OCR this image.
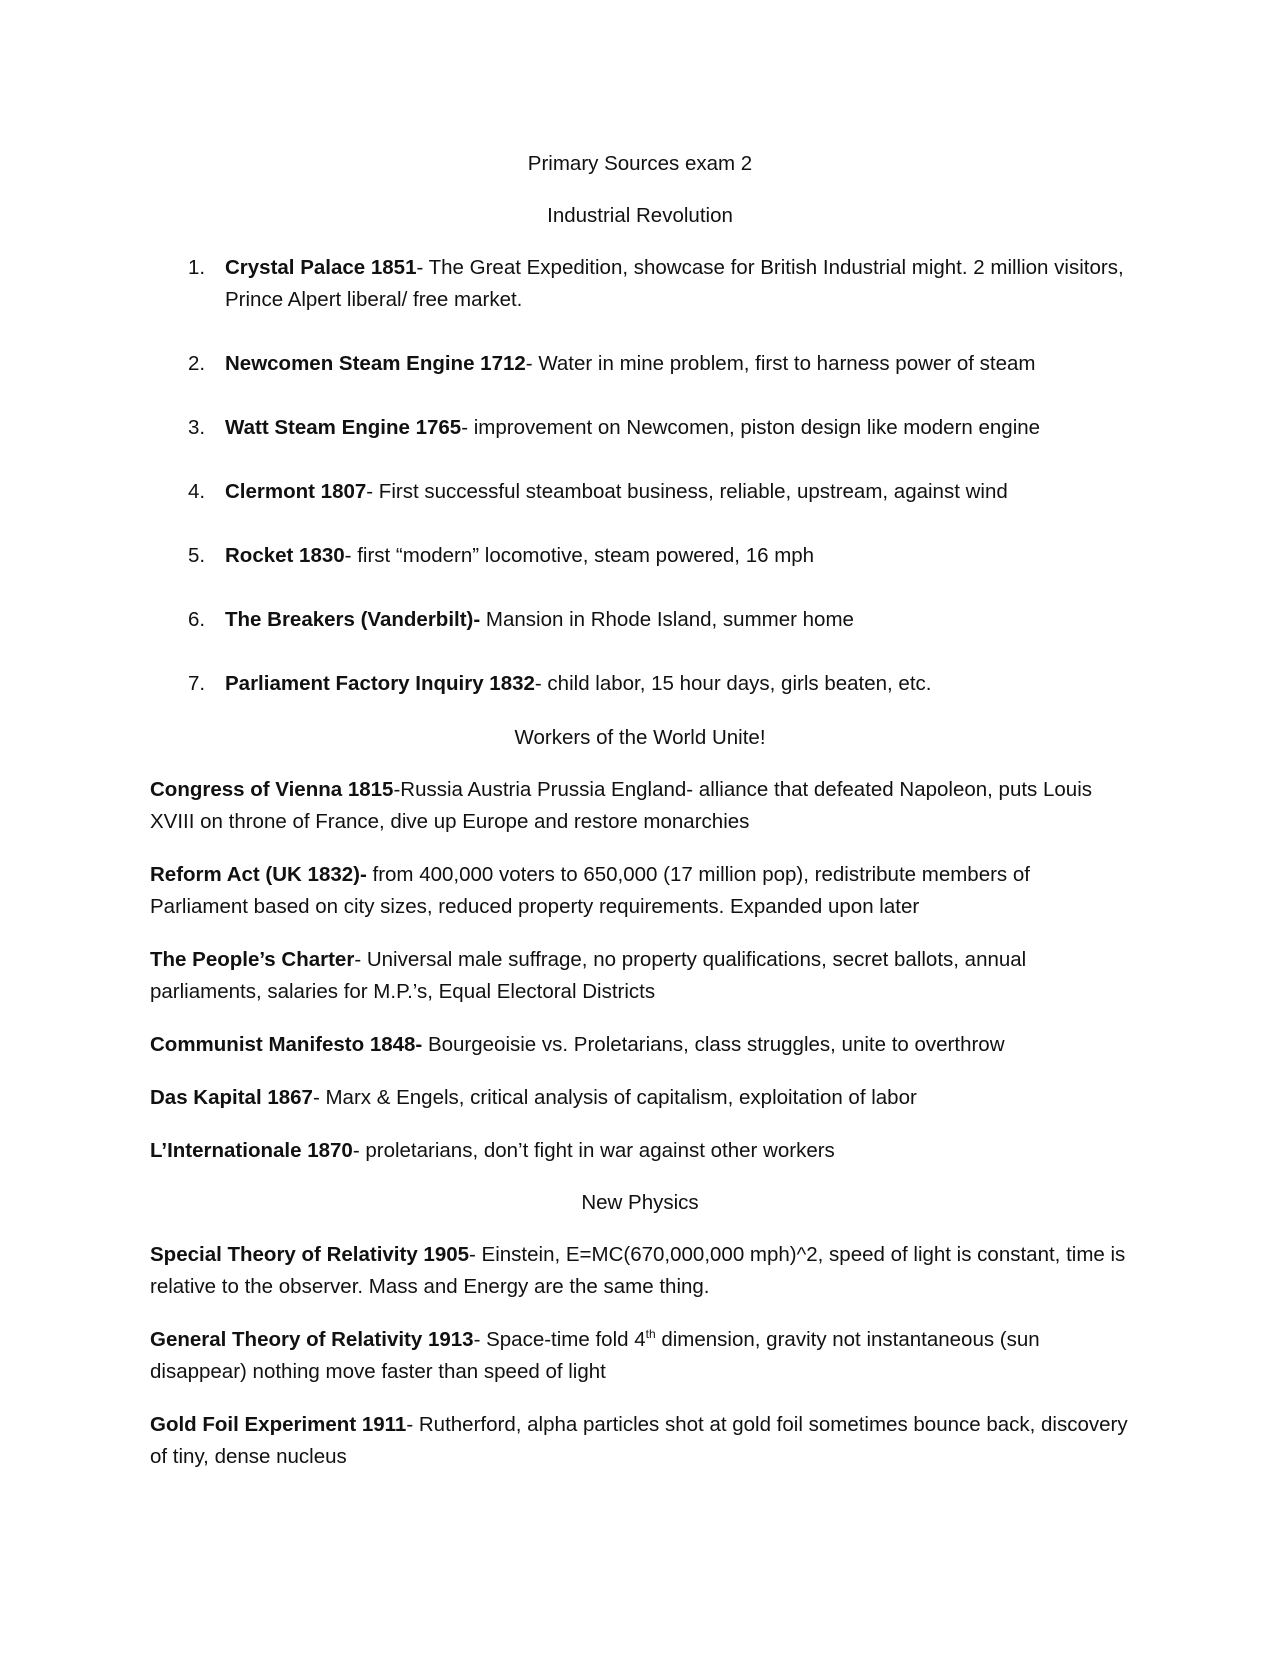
Primary Sources exam 2

Industrial Revolution

1. Crystal Palace 1851- The Great Expedition, showcase for British Industrial might. 2 million visitors, Prince Alpert liberal/ free market.
2. Newcomen Steam Engine 1712- Water in mine problem, first to harness power of steam
3. Watt Steam Engine 1765- improvement on Newcomen, piston design like modern engine
4. Clermont 1807- First successful steamboat business, reliable, upstream, against wind
5. Rocket 1830- first “modern” locomotive, steam powered, 16 mph
6. The Breakers (Vanderbilt)- Mansion in Rhode Island, summer home
7. Parliament Factory Inquiry 1832- child labor, 15 hour days, girls beaten, etc.

Workers of the World Unite!

Congress of Vienna 1815-Russia Austria Prussia England- alliance that defeated Napoleon, puts Louis XVIII on throne of France, dive up Europe and restore monarchies

Reform Act (UK 1832)- from 400,000 voters to 650,000 (17 million pop), redistribute members of Parliament based on city sizes, reduced property requirements. Expanded upon later

The People’s Charter- Universal male suffrage, no property qualifications, secret ballots, annual parliaments, salaries for M.P.’s, Equal Electoral Districts

Communist Manifesto 1848- Bourgeoisie vs. Proletarians, class struggles, unite to overthrow

Das Kapital 1867- Marx & Engels, critical analysis of capitalism, exploitation of labor

L’Internationale 1870- proletarians, don’t fight in war against other workers

New Physics

Special Theory of Relativity 1905- Einstein, E=MC(670,000,000 mph)^2, speed of light is constant, time is relative to the observer. Mass and Energy are the same thing.

General Theory of Relativity 1913- Space-time fold 4th dimension, gravity not instantaneous (sun disappear) nothing move faster than speed of light

Gold Foil Experiment 1911- Rutherford, alpha particles shot at gold foil sometimes bounce back, discovery of tiny, dense nucleus
